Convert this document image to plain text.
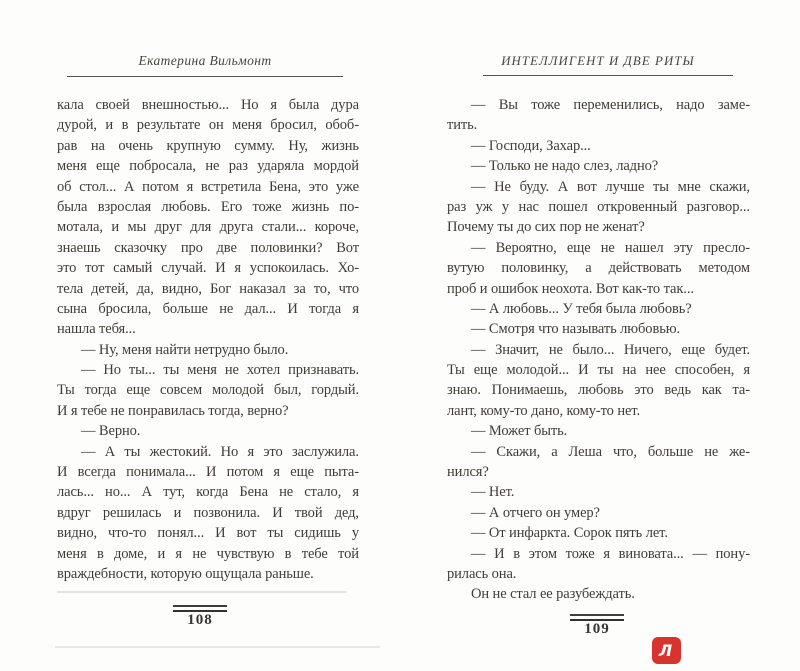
Екатерина Вильмонт
кала своей внешностью... Но я была дура
дурой, и в результате он меня бросил, обоб-
рав на очень крупную сумму. Ну, жизнь
меня еще побросала, не раз ударяла мордой
об стол... А потом я встретила Бена, это уже
была взрослая любовь. Его тоже жизнь по-
мотала, и мы друг для друга стали... короче,
знаешь сказочку про две половинки? Вот
это тот самый случай. И я успокоилась. Хо-
тела детей, да, видно, Бог наказал за то, что
сына бросила, больше не дал... И тогда я
нашла тебя...
— Ну, меня найти нетрудно было.
— Но ты... ты меня не хотел признавать.
Ты тогда еще совсем молодой был, гордый.
И я тебе не понравилась тогда, верно?
— Верно.
— А ты жестокий. Но я это заслужила.
И всегда понимала... И потом я еще пыта-
лась... но... А тут, когда Бена не стало, я
вдруг решилась и позвонила. И твой дед,
видно, что-то понял... И вот ты сидишь у
меня в доме, и я не чувствую в тебе той
враждебности, которую ощущала раньше.
108
ИНТЕЛЛИГЕНТ И ДВЕ РИТЫ
— Вы тоже переменились, надо заме-
тить.
— Господи, Захар...
— Только не надо слез, ладно?
— Не буду. А вот лучше ты мне скажи,
раз уж у нас пошел откровенный разговор...
Почему ты до сих пор не женат?
— Вероятно, еще не нашел эту пресло-
вутую половинку, а действовать методом
проб и ошибок неохота. Вот как-то так...
— А любовь... У тебя была любовь?
— Смотря что называть любовью.
— Значит, не было... Ничего, еще будет.
Ты еще молодой... И ты на нее способен, я
знаю. Понимаешь, любовь это ведь как та-
лант, кому-то дано, кому-то нет.
— Может быть.
— Скажи, а Леша что, больше не же-
нился?
— Нет.
— А отчего он умер?
— От инфаркта. Сорок пять лет.
— И в этом тоже я виновата... — пону-
рилась она.
Он не стал ее разубеждать.
109
Л
